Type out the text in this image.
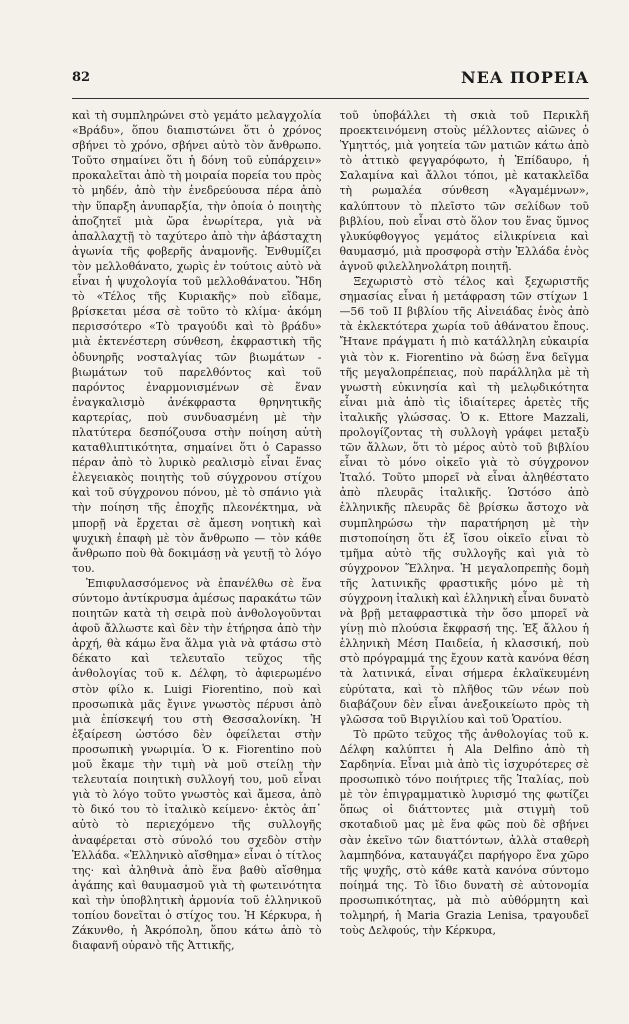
82	ΝΕΑ ΠΟΡΕΙΑ

καὶ τὴ συμπληρώνει στὸ γεμάτο μελαγχολία «Βράδυ», ὅπου διαπιστώνει ὅτι ὁ χρόνος σβήνει τὸ χρόνο, σβήνει αὐτὸ τὸν ἄνθρωπο. Τοῦτο σημαίνει ὅτι ἡ δόνη τοῦ εὐπάρχειν» προκαλεῖται ἀπὸ τὴ μοιραία πορεία του πρὸς τὸ μηδέν, ἀπὸ τὴν ἐνεδρεύουσα πέρα ἀπὸ τὴν ὕπαρξη ἀνυπαρξία, τὴν ὁποία ὁ ποιητὴς ἀποζητεῖ μιὰ ὥρα ἐνωρίτερα, γιὰ νὰ ἀπαλλαχτῇ τὸ ταχύτερο ἀπὸ τὴν ἀβάσταχτη ἀγωνία τῆς φοβερῆς ἀναμονῆς. Ἐνθυμίζει τὸν μελλοθάνατο, χωρὶς ἐν τούτοις αὐτὸ νὰ εἶναι ἡ ψυχολογία τοῦ μελλοθάνατου. Ἤδη τὸ «Τέλος τῆς Κυριακῆς» ποὺ εἴδαμε, βρίσκεται μέσα σὲ τοῦτο τὸ κλίμα· ἀκόμη περισσότερο «Τὸ τραγούδι καὶ τὸ βράδυ» μιὰ ἐκτενέστερη σύνθεση, ἐκφραστικὴ τῆς ὀδυνηρῆς νοσταλγίας τῶν βιωμάτων - βιωμάτων τοῦ παρελθόντος καὶ τοῦ παρόντος ἐναρμονισμένων σὲ ἕναν ἐναγκαλισμὸ ἀνέκφραστα θρηνητικῆς καρτερίας, ποὺ συνδυασμένη μὲ τὴν πλατύτερα δεσπόζουσα στὴν ποίηση αὐτὴ καταθλιπτικότητα, σημαίνει ὅτι ὁ Capasso πέραν ἀπὸ τὸ λυρικὸ ρεαλισμὸ εἶναι ἕνας ἐλεγειακὸς ποιητὴς τοῦ σύγχρονου στίχου καὶ τοῦ σύγχρονου πόνου, μὲ τὸ σπάνιο γιὰ τὴν ποίηση τῆς ἐποχῆς πλεονέκτημα, νὰ μπορῇ νὰ ἔρχεται σὲ ἄμεση νοητικὴ καὶ ψυχικὴ ἐπαφὴ μὲ τὸν ἄνθρωπο — τὸν κάθε ἄνθρωπο ποὺ θὰ δοκιμάσῃ νὰ γευτῇ τὸ λόγο του.

Ἐπιφυλασσόμενος νὰ ἐπανέλθω σὲ ἕνα σύντομο ἀντίκρυσμα ἀμέσως παρακάτω τῶν ποιητῶν κατὰ τὴ σειρὰ ποὺ ἀνθολογοῦνται ἀφοῦ ἄλλωστε καὶ δὲν τὴν ἐτήρησα ἀπὸ τὴν ἀρχή, θὰ κάμω ἕνα ἅλμα γιὰ νὰ φτάσω στὸ δέκατο καὶ τελευταῖο τεῦχος τῆς ἀνθολογίας τοῦ κ. Δέλφη, τὸ ἀφιερωμένο στὸν φίλο κ. Luigi Fiorentino, ποὺ καὶ προσωπικὰ μᾶς ἔγινε γνωστὸς πέρυσι ἀπὸ μιὰ ἐπίσκεψή του στὴ Θεσσαλονίκη. Ἡ ἐξαίρεση ὡστόσο δὲν ὀφείλεται στὴν προσωπικὴ γνωριμία. Ὁ κ. Fiorentino ποὺ μοῦ ἔκαμε τὴν τιμὴ νὰ μοῦ στείλῃ τὴν τελευταία ποιητικὴ συλλογή του, μοῦ εἶναι γιὰ τὸ λόγο τοῦτο γνωστὸς καὶ ἄμεσα, ἀπὸ τὸ δικό του τὸ ἰταλικὸ κείμενο· ἐκτὸς ἀπ᾿ αὐτὸ τὸ περιεχόμενο τῆς συλλογῆς ἀναφέρεται στὸ σύνολό του σχεδὸν στὴν Ἑλλάδα. «Ἑλληνικὸ αἴσθημα» εἶναι ὁ τίτλος της· καὶ ἀληθινὰ ἀπὸ ἕνα βαθὺ αἴσθημα ἀγάπης καὶ θαυμασμοῦ γιὰ τὴ φωτεινότητα καὶ τὴν ὑποβλητικὴ ἁρμονία τοῦ ἑλληνικοῦ τοπίου δονεῖται ὁ στίχος του. Ἡ Κέρκυρα, ἡ Ζάκυνθο, ἡ Ἀκρόπολη, ὅπου κάτω ἀπὸ τὸ διαφανῆ οὐρανὸ τῆς Ἀττικῆς,

τοῦ ὑποβάλλει τὴ σκιὰ τοῦ Περικλῆ προεκτεινόμενη στοὺς μέλλοντες αἰῶνες ὁ Ὑμηττός, μιὰ γοητεία τῶν ματιῶν κάτω ἀπὸ τὸ ἀττικὸ φεγγαρόφωτο, ἡ Ἐπίδαυρο, ἡ Σαλαμίνα καὶ ἄλλοι τόποι, μὲ κατακλεῖδα τὴ ρωμαλέα σύνθεση «Ἀγαμέμνων», καλύπτουν τὸ πλεῖστο τῶν σελίδων τοῦ βιβλίου, ποὺ εἶναι στὸ ὅλον του ἕνας ὕμνος γλυκύφθογγος γεμάτος εἰλικρίνεια καὶ θαυμασμό, μιὰ προσφορὰ στὴν Ἑλλάδα ἑνὸς ἀγνοῦ φιλελληνολάτρη ποιητῆ.

Ξεχωριστὸ στὸ τέλος καὶ ξεχωριστῆς σημασίας εἶναι ἡ μετάφραση τῶν στίχων 1—56 τοῦ ΙΙ βιβλίου τῆς Αἰνειάδας ἑνὸς ἀπὸ τὰ ἐκλεκτότερα χωρία τοῦ ἀθάνατου ἔπους. Ἤτανε πράγματι ἡ πιὸ κατάλληλη εὐκαιρία γιὰ τὸν κ. Fiorentino νὰ δώσῃ ἕνα δεῖγμα τῆς μεγαλοπρέπειας, ποὺ παράλληλα μὲ τὴ γνωστὴ εὐκινησία καὶ τὴ μελῳδικότητα εἶναι μιὰ ἀπὸ τὶς ἰδιαίτερες ἀρετὲς τῆς ἰταλικῆς γλώσσας. Ὁ κ. Ettore Mazzali, προλογίζοντας τὴ συλλογὴ γράφει μεταξὺ τῶν ἄλλων, ὅτι τὸ μέρος αὐτὸ τοῦ βιβλίου εἶναι τὸ μόνο οἰκεῖο γιὰ τὸ σύγχρονον Ἰταλό. Τοῦτο μπορεῖ νὰ εἶναι ἀληθέστατο ἀπὸ πλευρᾶς ἰταλικῆς. Ὡστόσο ἀπὸ ἑλληνικῆς πλευρᾶς δὲ βρίσκω ἄστοχο νὰ συμπληρώσω τὴν παρατήρηση μὲ τὴν πιστοποίηση ὅτι ἐξ ἴσου οἰκεῖο εἶναι τὸ τμῆμα αὐτὸ τῆς συλλογῆς καὶ γιὰ τὸ σύγχρονον Ἕλληνα. Ἡ μεγαλοπρεπὴς δομὴ τῆς λατινικῆς φραστικῆς μόνο μὲ τὴ σύγχρονη ἰταλικὴ καὶ ἑλληνικὴ εἶναι δυνατὸ νὰ βρῇ μεταφραστικὰ τὴν ὅσο μπορεῖ νὰ γίνῃ πιὸ πλούσια ἔκφρασή της. Ἐξ ἄλλου ἡ ἑλληνικὴ Μέση Παιδεία, ἡ κλασσική, ποὺ στὸ πρόγραμμά της ἔχουν κατὰ κανόνα θέση τὰ λατινικά, εἶναι σήμερα ἐκλαϊκευμένη εὐρύτατα, καὶ τὸ πλῆθος τῶν νέων ποὺ διαβάζουν δὲν εἶναι ἀνεξοικείωτο πρὸς τὴ γλῶσσα τοῦ Βιργιλίου καὶ τοῦ Ὁρατίου.

Τὸ πρῶτο τεῦχος τῆς ἀνθολογίας τοῦ κ. Δέλφη καλύπτει ἡ Ala Delfino ἀπὸ τὴ Σαρδηνία. Εἶναι μιὰ ἀπὸ τὶς ἰσχυρότερες σὲ προσωπικὸ τόνο ποιήτριες τῆς Ἰταλίας, ποὺ μὲ τὸν ἐπιγραμματικὸ λυρισμό της φωτίζει ὅπως οἱ διάττοντες μιὰ στιγμὴ τοῦ σκοταδιοῦ μας μὲ ἕνα φῶς ποὺ δὲ σβήνει σὰν ἐκεῖνο τῶν διαττόντων, ἀλλὰ σταθερὴ λαμπηδόνα, καταυγάζει παρήγορο ἕνα χῶρο τῆς ψυχῆς, στὸ κάθε κατὰ κανόνα σύντομο ποίημά της. Τὸ ἴδιο δυνατὴ σὲ αὐτονομία προσωπικότητας, μὰ πιὸ αὐθόρμητη καὶ τολμηρή, ἡ Maria Grazia Lenisa, τραγουδεῖ τοὺς Δελφούς, τὴν Κέρκυρα,
